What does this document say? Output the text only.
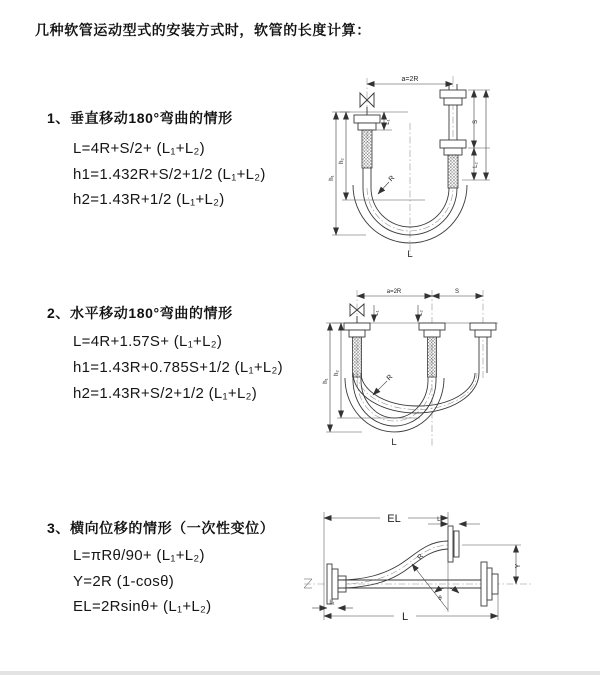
几种软管运动型式的安装方式时，软管的长度计算：
1、垂直移动180°弯曲的情形
L=4R+S/2+ (L₁+L₂)
h1=1.432R+S/2+1/2 (L₁+L₂)
h2=1.43R+1/2 (L₁+L₂)
2、水平移动180°弯曲的情形
L=4R+1.57S+ (L₁+L₂)
h1=1.43R+0.785S+1/2 (L₁+L₂)
h2=1.43R+S/2+1/2 (L₁+L₂)
3、横向位移的情形（一次性变位）
L=πRθ/90+ (L₁+L₂)
Y=2R (1-cosθ)
EL=2Rsinθ+ (L₁+L₂)
a=2R
S
L₂
L₁
h₁
h₂
R
L
a=2R	S
L₁	L₂
h₁
h₂
R
L
EL	L₂
Y
R
θ
L₁
L
